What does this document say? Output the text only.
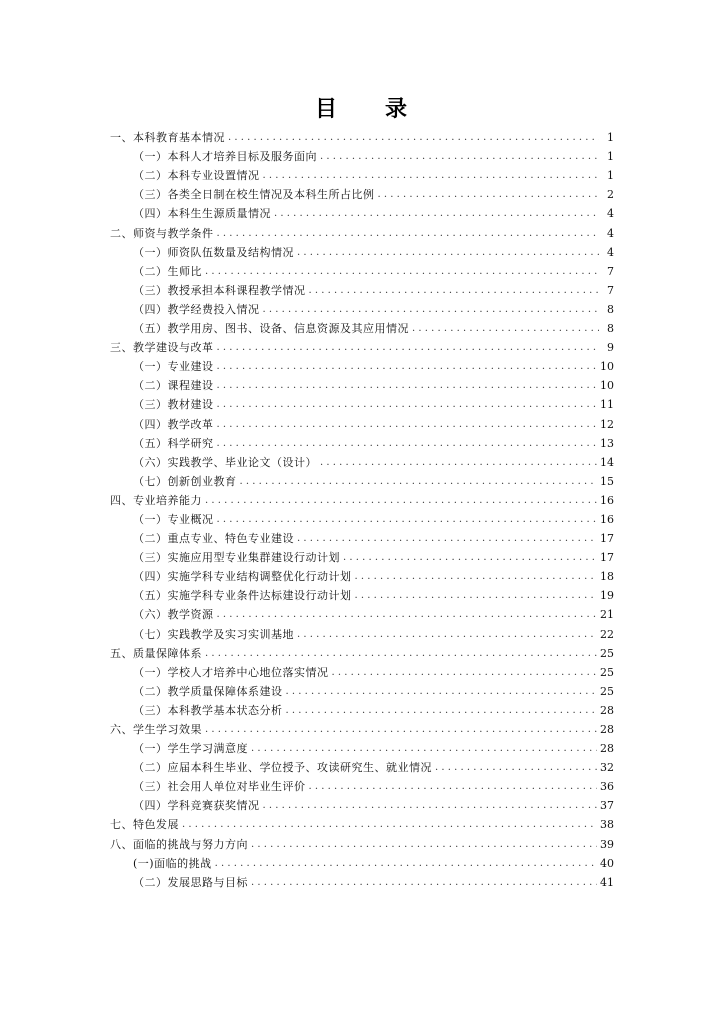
目 录
一、本科教育基本情况 .....	1
（一）本科人才培养目标及服务面向 .....	1
（二）本科专业设置情况 .....	1
（三）各类全日制在校生情况及本科生所占比例 .....	2
（四）本科生生源质量情况 .....	4
二、师资与教学条件 .....	4
（一）师资队伍数量及结构情况 .....	4
（二）生师比 .....	7
（三）教授承担本科课程教学情况 .....	7
（四）教学经费投入情况 .....	8
（五）教学用房、图书、设备、信息资源及其应用情况 .....	8
三、教学建设与改革 .....	9
（一）专业建设 .....	10
（二）课程建设 .....	10
（三）教材建设 .....	11
（四）教学改革 .....	12
（五）科学研究 .....	13
（六）实践教学、毕业论文（设计） .....	14
（七）创新创业教育 .....	15
四、专业培养能力 .....	16
（一）专业概况 .....	16
（二）重点专业、特色专业建设 .....	17
（三）实施应用型专业集群建设行动计划 .....	17
（四）实施学科专业结构调整优化行动计划 .....	18
（五）实施学科专业条件达标建设行动计划 .....	19
（六）教学资源 .....	21
（七）实践教学及实习实训基地 .....	22
五、质量保障体系 .....	25
（一）学校人才培养中心地位落实情况 .....	25
（二）教学质量保障体系建设 .....	25
（三）本科教学基本状态分析 .....	28
六、学生学习效果 .....	28
（一）学生学习满意度 .....	28
（二）应届本科生毕业、学位授予、攻读研究生、就业情况 .....	32
（三）社会用人单位对毕业生评价 .....	36
（四）学科竞赛获奖情况 .....	37
七、特色发展 .....	38
八、面临的挑战与努力方向 .....	39
(一)面临的挑战 .....	40
（二）发展思路与目标 .....	41
